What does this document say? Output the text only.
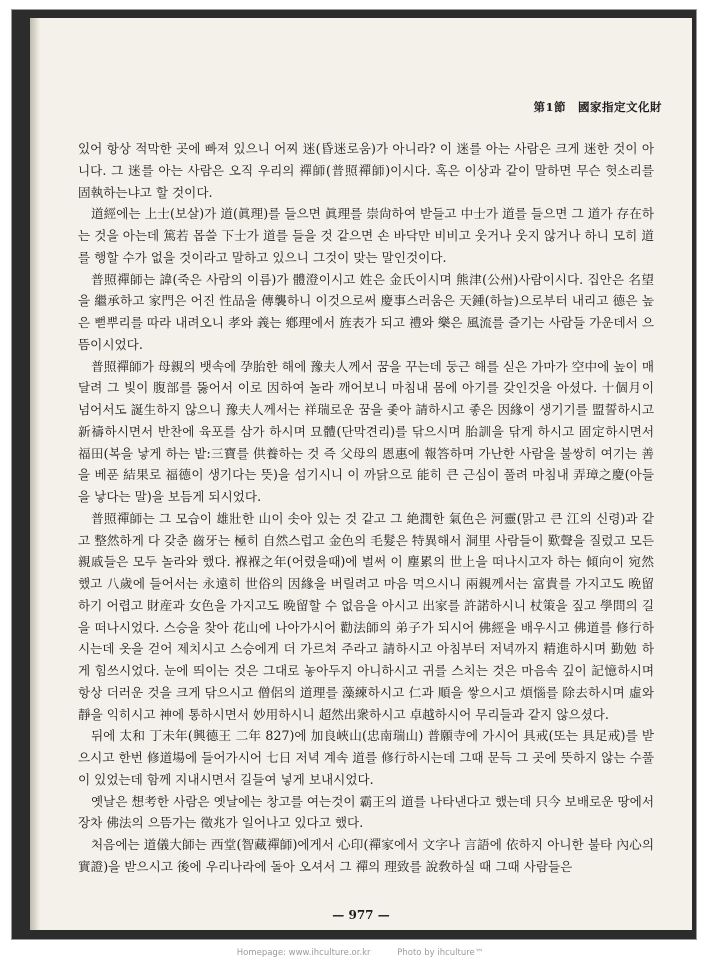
第1節　國家指定文化財

있어 항상 적막한 곳에 빠져 있으니 어찌 迷(昏迷로움)가 아니라? 이 迷를 아는 사람은 크게 迷한 것이 아니다. 그 迷를 아는 사람은 오직 우리의 禪師(普照禪師)이시다. 혹은 이상과 같이 말하면 무슨 헛소리를 固執하는냐고 할 것이다.

道經에는 上士(보살)가 道(眞理)를 들으면 眞理를 崇尙하여 받들고 中士가 道를 들으면 그 道가 存在하는 것을 아는데 篤若 몹쓸 下士가 道를 들을 것 같으면 손 바닥만 비비고 웃거나 웃지 않거나 하니 모히 道를 행할 수가 없을 것이라고 말하고 있으니 그것이 맞는 말인것이다.

普照禪師는 諱(죽은 사람의 이름)가 體澄이시고 姓은 金氏이시며 熊津(公州)사람이시다. 집안은 名望을 繼承하고 家門은 어진 性品을 傳襲하니 이것으로써 慶事스러움은 天鍾(하늘)으로부터 내리고 德은 높은 뻗뿌리를 따라 내려오니 孝와 義는 鄕理에서 旌表가 되고 禮와 樂은 風流를 즐기는 사람들 가운데서 으뜸이시었다.

普照禪師가 母親의 뱃속에 孕胎한 해에 豫夫人께서 꿈을 꾸는데 둥근 해를 싣은 가마가 空中에 높이 매달려 그 빛이 腹部를 뚫어서 이로 因하여 놀라 깨어보니 마침내 몸에 아기를 갖인것을 아셨다. 十個月이 넘어서도 誕生하지 않으니 豫夫人께서는 祥瑞로운 꿈을 좇아 請하시고 좋은 因緣이 생기기를 盟誓하시고 新禱하시면서 반찬에 육포를 삼가 하시며 묘體(단막견리)를 닦으시며 胎訓을 닦게 하시고 固定하시면서 福田(복을 낳게 하는 밭:三寶를 供養하는 것 즉 父母의 恩惠에 報答하며 가난한 사람을 불쌍히 여기는 善을 베푼 結果로 福德이 생기다는 뜻)을 섬기시니 이 까닭으로 能히 큰 근심이 풀려 마침내 弄璋之慶(아들을 낳다는 말)을 보듬게 되시었다.

普照禪師는 그 모습이 雄壯한 山이 솟아 있는 것 같고 그 絶潤한 氣色은 河靈(맑고 큰 江의 신령)과 같고 整然하게 다 갖춘 齒牙는 極히 自然스럽고 金色의 毛髮은 特異해서 洞里 사람들이 歎聲을 질렀고 모든 親戚들은 모두 놀라와 했다. 褓褓之年(어렸을때)에 벌써 이 塵累의 世上을 떠나시고자 하는 傾向이 宛然했고 八歲에 들어서는 永遠히 世俗의 因緣을 버릴려고 마음 먹으시니 兩親께서는 富貴를 가지고도 晩留하기 어렵고 財産과 女色을 가지고도 晩留할 수 없음을 아시고 出家를 許諾하시니 杖策을 짚고 學問의 길을 떠나시었다. 스승을 찾아 花山에 나아가시어 勸法師의 弟子가 되시어 佛經을 배우시고 佛道를 修行하시는데 옷을 걷어 제치시고 스승에게 더 가르쳐 주라고 請하시고 아침부터 저녁까지 精進하시며 勤勉 하게 힘쓰시었다. 눈에 띄이는 것은 그대로 놓아두지 아니하시고 귀를 스치는 것은 마음속 깊이 記憶하시며 항상 더러운 것을 크게 닦으시고 僧侶의 道理를 藻練하시고 仁과 順을 쌓으시고 煩惱를 除去하시며 虛와 靜을 익히시고 神에 통하시면서 妙用하시니 超然出衆하시고 卓越하시어 무리들과 같지 않으셨다.

뒤에 太和 丁未年(興德王 二年 827)에 加良峽山(忠南瑞山) 普願寺에 가시어 具戒(또는 具足戒)를 받으시고 한번 修道場에 들어가시어 七日 저녁 계속 道를 修行하시는데 그때 문득 그 곳에 뜻하지 않는 수풀이 있었는데 함께 지내시면서 길들여 넣게 보내시었다.

옛날은 想考한 사람은 옛날에는 창고를 여는것이 霸王의 道를 나타낸다고 했는데 只今 보배로운 땅에서 장차 佛法의 으뜸가는 徵兆가 일어나고 있다고 했다.

처음에는 道儀大師는 西堂(智藏禪師)에게서 心印(禪家에서 文字나 言語에 依하지 아니한 불타 內心의 實證)을 받으시고 後에 우리나라에 돌아 오셔서 그 禪의 理致를 說敎하실 때 그때 사람들은

— 977 —
Homepage: www.ihculture.or.kr	Photo by ihculture™
